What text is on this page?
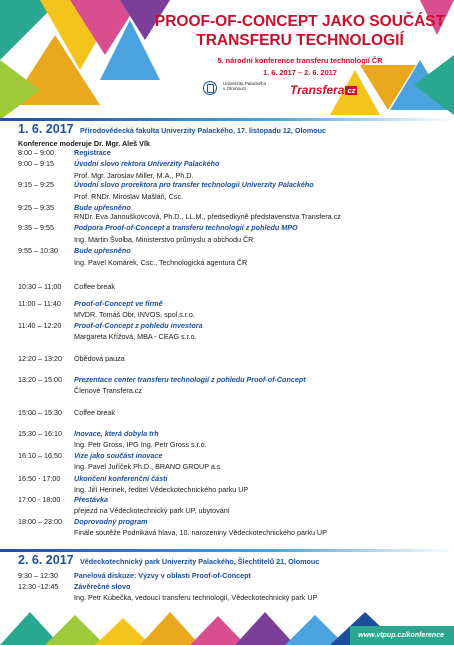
PROOF-OF-CONCEPT JAKO SOUČÁST
TRANSFERU TECHNOLOGIÍ
5. národní konference transferu technologií ČR
1. 6. 2017 – 2. 6. 2017
Univerzita Palackého
v Olomouci	Transfera cz
1. 6. 2017 Přírodovědecká fakulta Univerzity Palackého, 17. listopadu 12, Olomouc
Konference moderuje Dr. Mgr. Aleš Vlk
8:00 – 9:00	Registrace
9:00 – 9:15	Úvodní slovo rektora Univerzity Palackého
Prof. Mgr. Jaroslav Miller, M.A., Ph.D.
9:15 – 9:25	Úvodní slovo prorektora pro transfer technologií Univerzity Palackého
Prof. RNDr. Miroslav Mašláň, Csc.
9:25 – 9:35	Bude upřesněno
RNDr. Eva Janouškovcová, Ph.D., LL.M., předsedkyně představenstva Transfera.cz
9:35 – 9:55	Podpora Proof-of-Concept a transferu technologií z pohledu MPO
Ing. Martin Švolba, Ministerstvo průmyslu a obchodu ČR
9:55 – 10:30	Bude upřesněno
Ing. Pavel Komárek, Csc., Technologická agentura ČR
10:30 – 11:00	Coffee break
11:00 – 11:40	Proof-of-Concept ve firmě
MVDR. Tomáš Obr, INVOS, spol.s.r.o.
11:40 – 12:20	Proof-of-Concept z pohledu investora
Margareta Křížová, MBA - CEAG s.r.o.
12:20 – 13:20	Obědová pauza
13:20 – 15:00	Prezentace center transferu technologií z pohledu Proof-of-Concept
Členové Transfera.cz
15:00 – 15:30	Coffee break
15:30 – 16:10	Inovace, která dobyla trh
Ing. Petr Gross, IPG Ing. Petr Gross s.r.o.
16:10 – 16:50	Vize jako součást inovace
Ing. Pavel Juříček Ph.D., BRANO GROUP a.s
16:50 - 17:00	Ukončení konferenční části
Ing. Jiří Herinek, ředitel Vědeckotechnického parku UP
17:00 - 18:00	Přestávka
přejezd na Vědeckotechnický park UP, ubytování
18:00 – 23:00	Doprovodný program
Finále soutěže Podnikavá hlava, 10. narozeniny Vědeckotechnického parku UP
2. 6. 2017 Vědeckotechnický park Univerzity Palackého, Šlechtitelů 21, Olomouc
9:30 – 12:30	Panelová diskuze: Výzvy v oblasti Proof-of-Concept
12:30 -12:45	Závěrečné slovo
Ing. Petr Kubečka, vedoucí transferu technologií, Vědeckotechnický park UP
www.vtpup.cz/konference
